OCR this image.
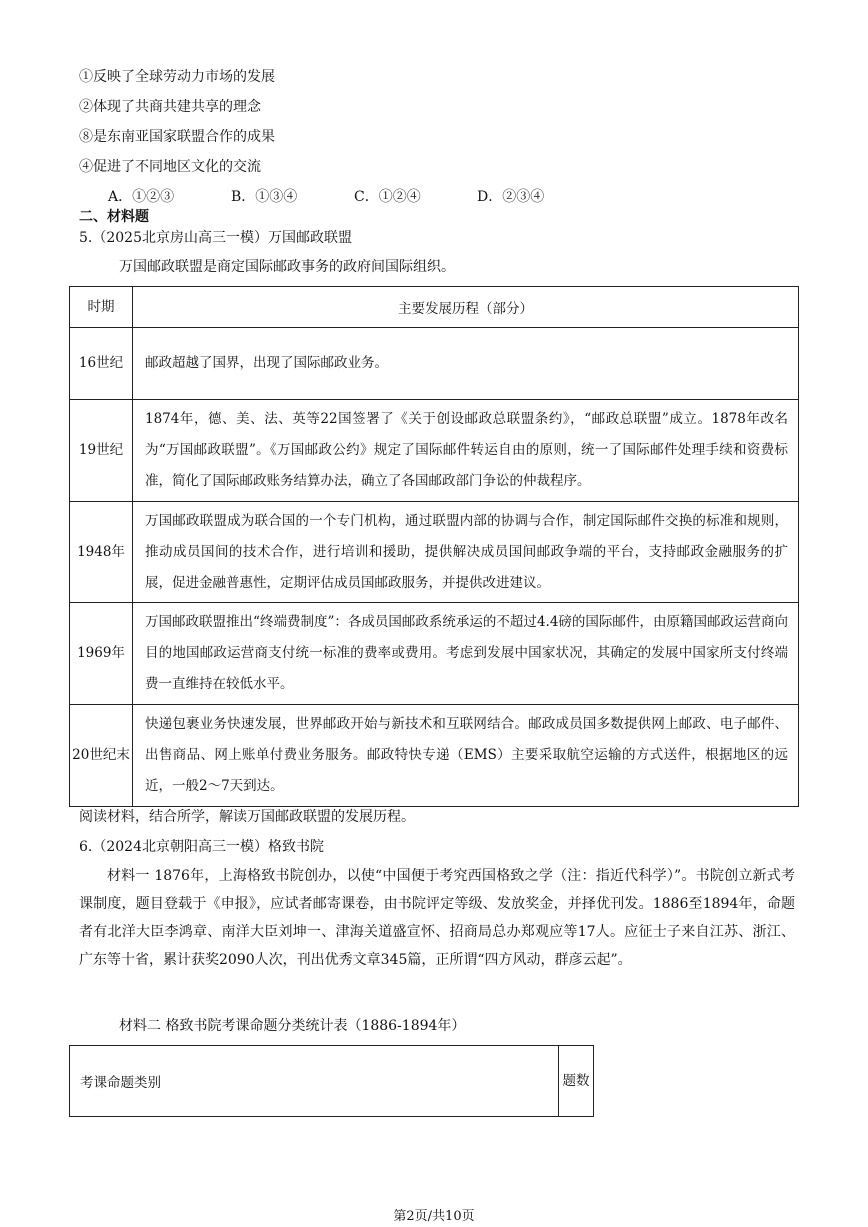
①反映了全球劳动力市场的发展
②体现了共商共建共享的理念
⑧是东南亚国家联盟合作的成果
④促进了不同地区文化的交流
A．①②③	B．①③④	C．①②④	D．②③④
二、材料题
5.（2025北京房山高三一模）万国邮政联盟
万国邮政联盟是商定国际邮政事务的政府间国际组织。
时期	主要发展历程（部分）
16世纪	邮政超越了国界，出现了国际邮政业务。
19世纪	1874年，德、美、法、英等22国签署了《关于创设邮政总联盟条约》，“邮政总联盟”成立。1878年改名为“万国邮政联盟”。《万国邮政公约》规定了国际邮件转运自由的原则，统一了国际邮件处理手续和资费标准，简化了国际邮政账务结算办法，确立了各国邮政部门争讼的仲裁程序。
1948年	万国邮政联盟成为联合国的一个专门机构，通过联盟内部的协调与合作，制定国际邮件交换的标准和规则，推动成员国间的技术合作，进行培训和援助，提供解决成员国间邮政争端的平台，支持邮政金融服务的扩展，促进金融普惠性，定期评估成员国邮政服务，并提供改进建议。
1969年	万国邮政联盟推出“终端费制度”：各成员国邮政系统承运的不超过4.4磅的国际邮件，由原籍国邮政运营商向目的地国邮政运营商支付统一标准的费率或费用。考虑到发展中国家状况，其确定的发展中国家所支付终端费一直维持在较低水平。
20世纪末	快递包裹业务快速发展，世界邮政开始与新技术和互联网结合。邮政成员国多数提供网上邮政、电子邮件、出售商品、网上账单付费业务服务。邮政特快专递（EMS）主要采取航空运输的方式送件，根据地区的远近，一般2～7天到达。
阅读材料，结合所学，解读万国邮政联盟的发展历程。
6.（2024北京朝阳高三一模）格致书院
材料一 1876年，上海格致书院创办，以使“中国便于考究西国格致之学（注：指近代科学）”。书院创立新式考课制度，题目登载于《申报》，应试者邮寄课卷，由书院评定等级、发放奖金，并择优刊发。1886至1894年，命题者有北洋大臣李鸿章、南洋大臣刘坤一、津海关道盛宣怀、招商局总办郑观应等17人。应征士子来自江苏、浙江、广东等十省，累计获奖2090人次，刊出优秀文章345篇，正所谓“四方风动，群彦云起”。
材料二 格致书院考课命题分类统计表（1886-1894年）
考课命题类别	题数
第2页/共10页
